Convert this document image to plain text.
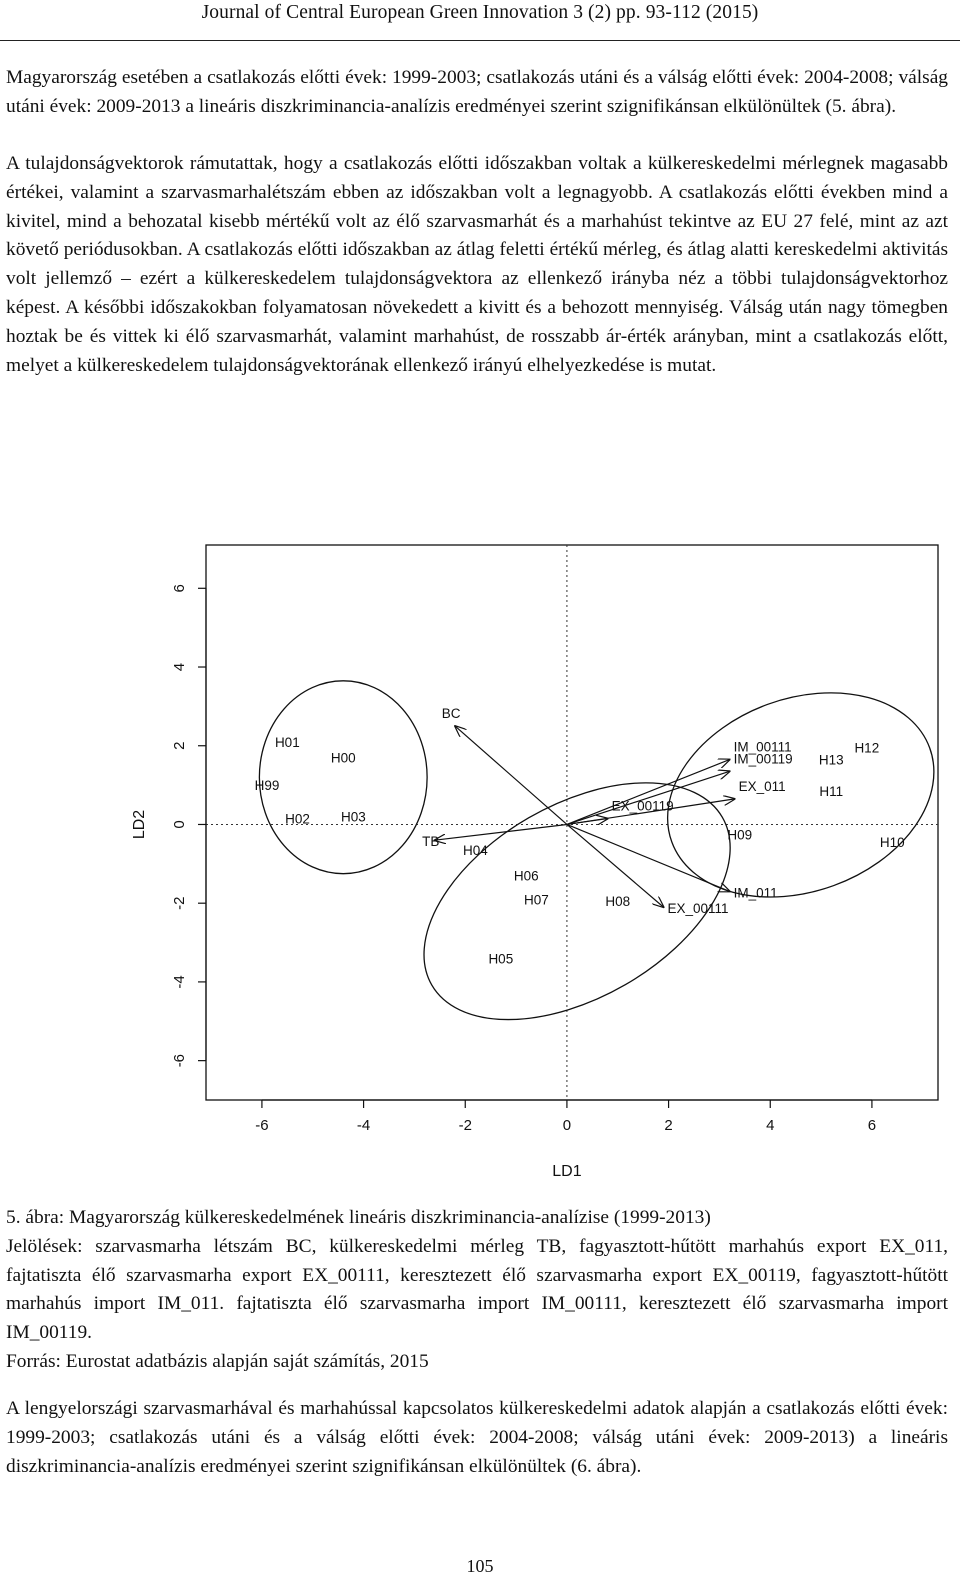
Journal of Central European Green Innovation 3 (2) pp. 93-112 (2015)

Magyarország esetében a csatlakozás előtti évek: 1999-2003; csatlakozás utáni és a válság előtti évek: 2004-2008; válság utáni évek: 2009-2013 a lineáris diszkriminancia-analízis eredményei szerint szignifikánsan elkülönültek (5. ábra).

A tulajdonságvektorok rámutattak, hogy a csatlakozás előtti időszakban voltak a külkereskedelmi mérlegnek magasabb értékei, valamint a szarvasmarhalétszám ebben az időszakban volt a legnagyobb. A csatlakozás előtti években mind a kivitel, mind a behozatal kisebb mértékű volt az élő szarvasmarhát és a marhahúst tekintve az EU 27 felé, mint az azt követő periódusokban. A csatlakozás előtti időszakban az átlag feletti értékű mérleg, és átlag alatti kereskedelmi aktivitás volt jellemző ‒ ezért a külkereskedelem tulajdonságvektora az ellenkező irányba néz a többi tulajdonságvektorhoz képest. A későbbi időszakokban folyamatosan növekedett a kivitt és a behozott mennyiség. Válság után nagy tömegben hoztak be és vittek ki élő szarvasmarhát, valamint marhahúst, de rosszabb ár-érték arányban, mint a csatlakozás előtt, melyet a külkereskedelem tulajdonságvektorának ellenkező irányú elhelyezkedése is mutat.

BC
TB
IM_00111
IM_00119
EX_011
EX_00119
IM_011
EX_00111
H99
H00
H01
H02 H03
H04
H05
H06
H07	H08
H09
H10
H11
H12
H13
-6	-4	-2	0	2	4	6
-6
-4
-2
0
2
4
6
LD1
LD2
5. ábra: Magyarország külkereskedelmének lineáris diszkriminancia-analízise (1999-2013)
Jelölések: szarvasmarha létszám BC, külkereskedelmi mérleg TB, fagyasztott-hűtött marhahús export EX_011, fajtatiszta élő szarvasmarha export EX_00111, keresztezett élő szarvasmarha export EX_00119, fagyasztott-hűtött marhahús import IM_011. fajtatiszta élő szarvasmarha import IM_00111, keresztezett élő szarvasmarha import IM_00119.
Forrás: Eurostat adatbázis alapján saját számítás, 2015

A lengyelországi szarvasmarhával és marhahússal kapcsolatos külkereskedelmi adatok alapján a csatlakozás előtti évek: 1999-2003; csatlakozás utáni és a válság előtti évek: 2004-2008; válság utáni évek: 2009-2013) a lineáris diszkriminancia-analízis eredményei szerint szignifikánsan elkülönültek (6. ábra).

105
